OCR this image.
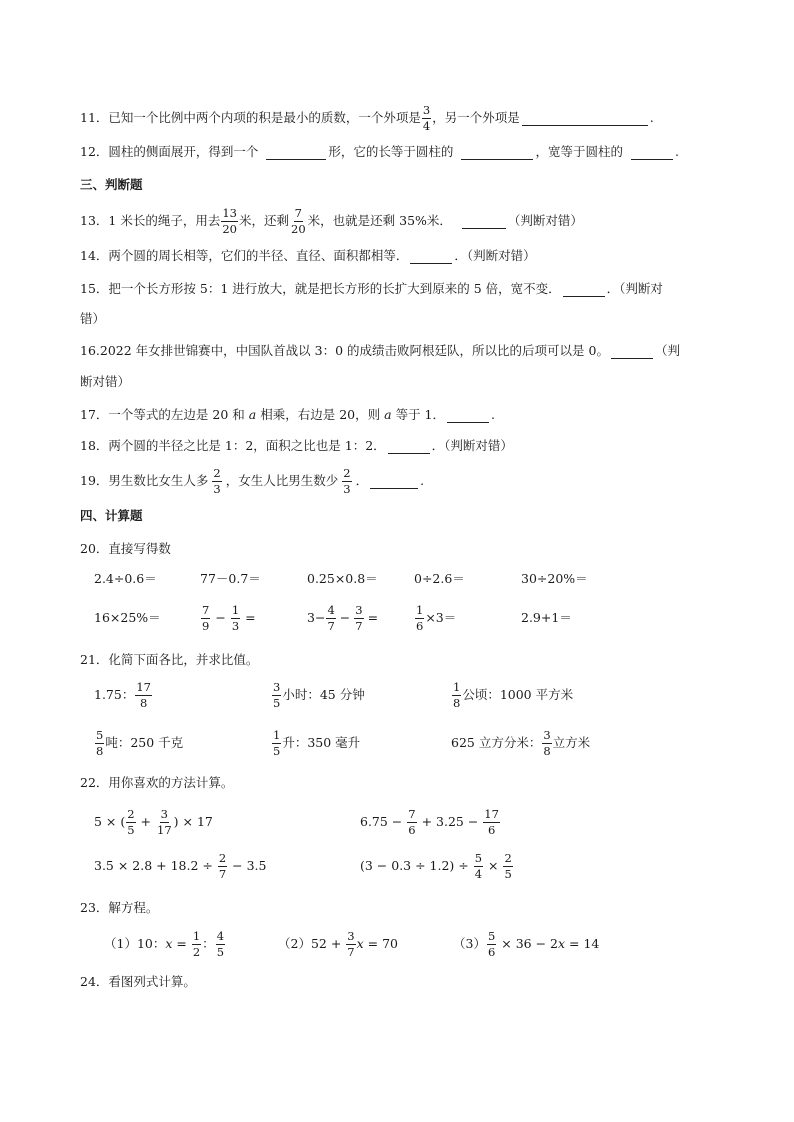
11． 已知一个比例中两个内项的积是最小的质数，一个外项是 $\frac{3}{4}$ ，另一个外项是	.
12． 圆柱的侧面展开，得到一个	形，它的长等于圆柱的	，宽等于圆柱的	.
三、判断题
13． 1 米长的绳子，用去 $\frac{13}{20}$ 米，还剩 $\frac{7}{20}$ 米，也就是还剩 35%米．	（判断对错）
14． 两个圆的周长相等，它们的半径、直径、面积都相等．	．（判断对错）
15． 把一个长方形按 5：1 进行放大，就是把长方形的长扩大到原来的 5 倍，宽不变．	．（判断对
错）
16. 2022 年女排世锦赛中，中国队首战以 3：0 的成绩击败阿根廷队，所以比的后项可以是 0。	（判
断对错）
17． 一个等式的左边是 20 和 a 相乘，右边是 20，则 a 等于 1．	.
18． 两个圆的半径之比是 1：2，面积之比也是 1：2．	．（判断对错）
19． 男生数比女生人多 $\frac{2}{3}$ ，女生人比男生数少 $\frac{2}{3}$ ．	.
四、计算题
20． 直接写得数
2.4÷0.6＝	77－0.7＝	0.25×0.8＝	0÷2.6＝	30÷20%＝
16×25%＝	$\frac{7}{9} - \frac{1}{3}$ =	$3- \frac{4}{7} - \frac{3}{7}$ =	$\frac{1}{6} \times 3=$	2.9+1＝
21． 化简下面各比，并求比值。
1.75： $\frac{17}{8}$	$\frac{3}{5}$ 小时：45 分钟	$\frac{1}{8}$ 公顷：1000 平方米
$\frac{5}{8}$ 吨：250 千克	$\frac{1}{5}$ 升：350 毫升	625 立方分米： $\frac{3}{8}$ 立方米
22． 用你喜欢的方法计算。
5 × ( $\frac{2}{5} + \frac{3}{17}$ ) × 17	$6.75 - \frac{7}{6} + 3.25 - \frac{17}{6}$
$3.5 \times 2.8 + 18.2 \div \frac{2}{7} - 3.5$	$(3 - 0.3 \div 1.2) \div \frac{5}{4} \times \frac{2}{5}$
23． 解方程。
（1）10： $x = \frac{1}{2}$ ： $\frac{4}{5}$	$(2)52 + \frac{3}{7}$ x = 70	$(3) \frac{5}{6} \times 36 - 2$ x = 14
24． 看图列式计算。
